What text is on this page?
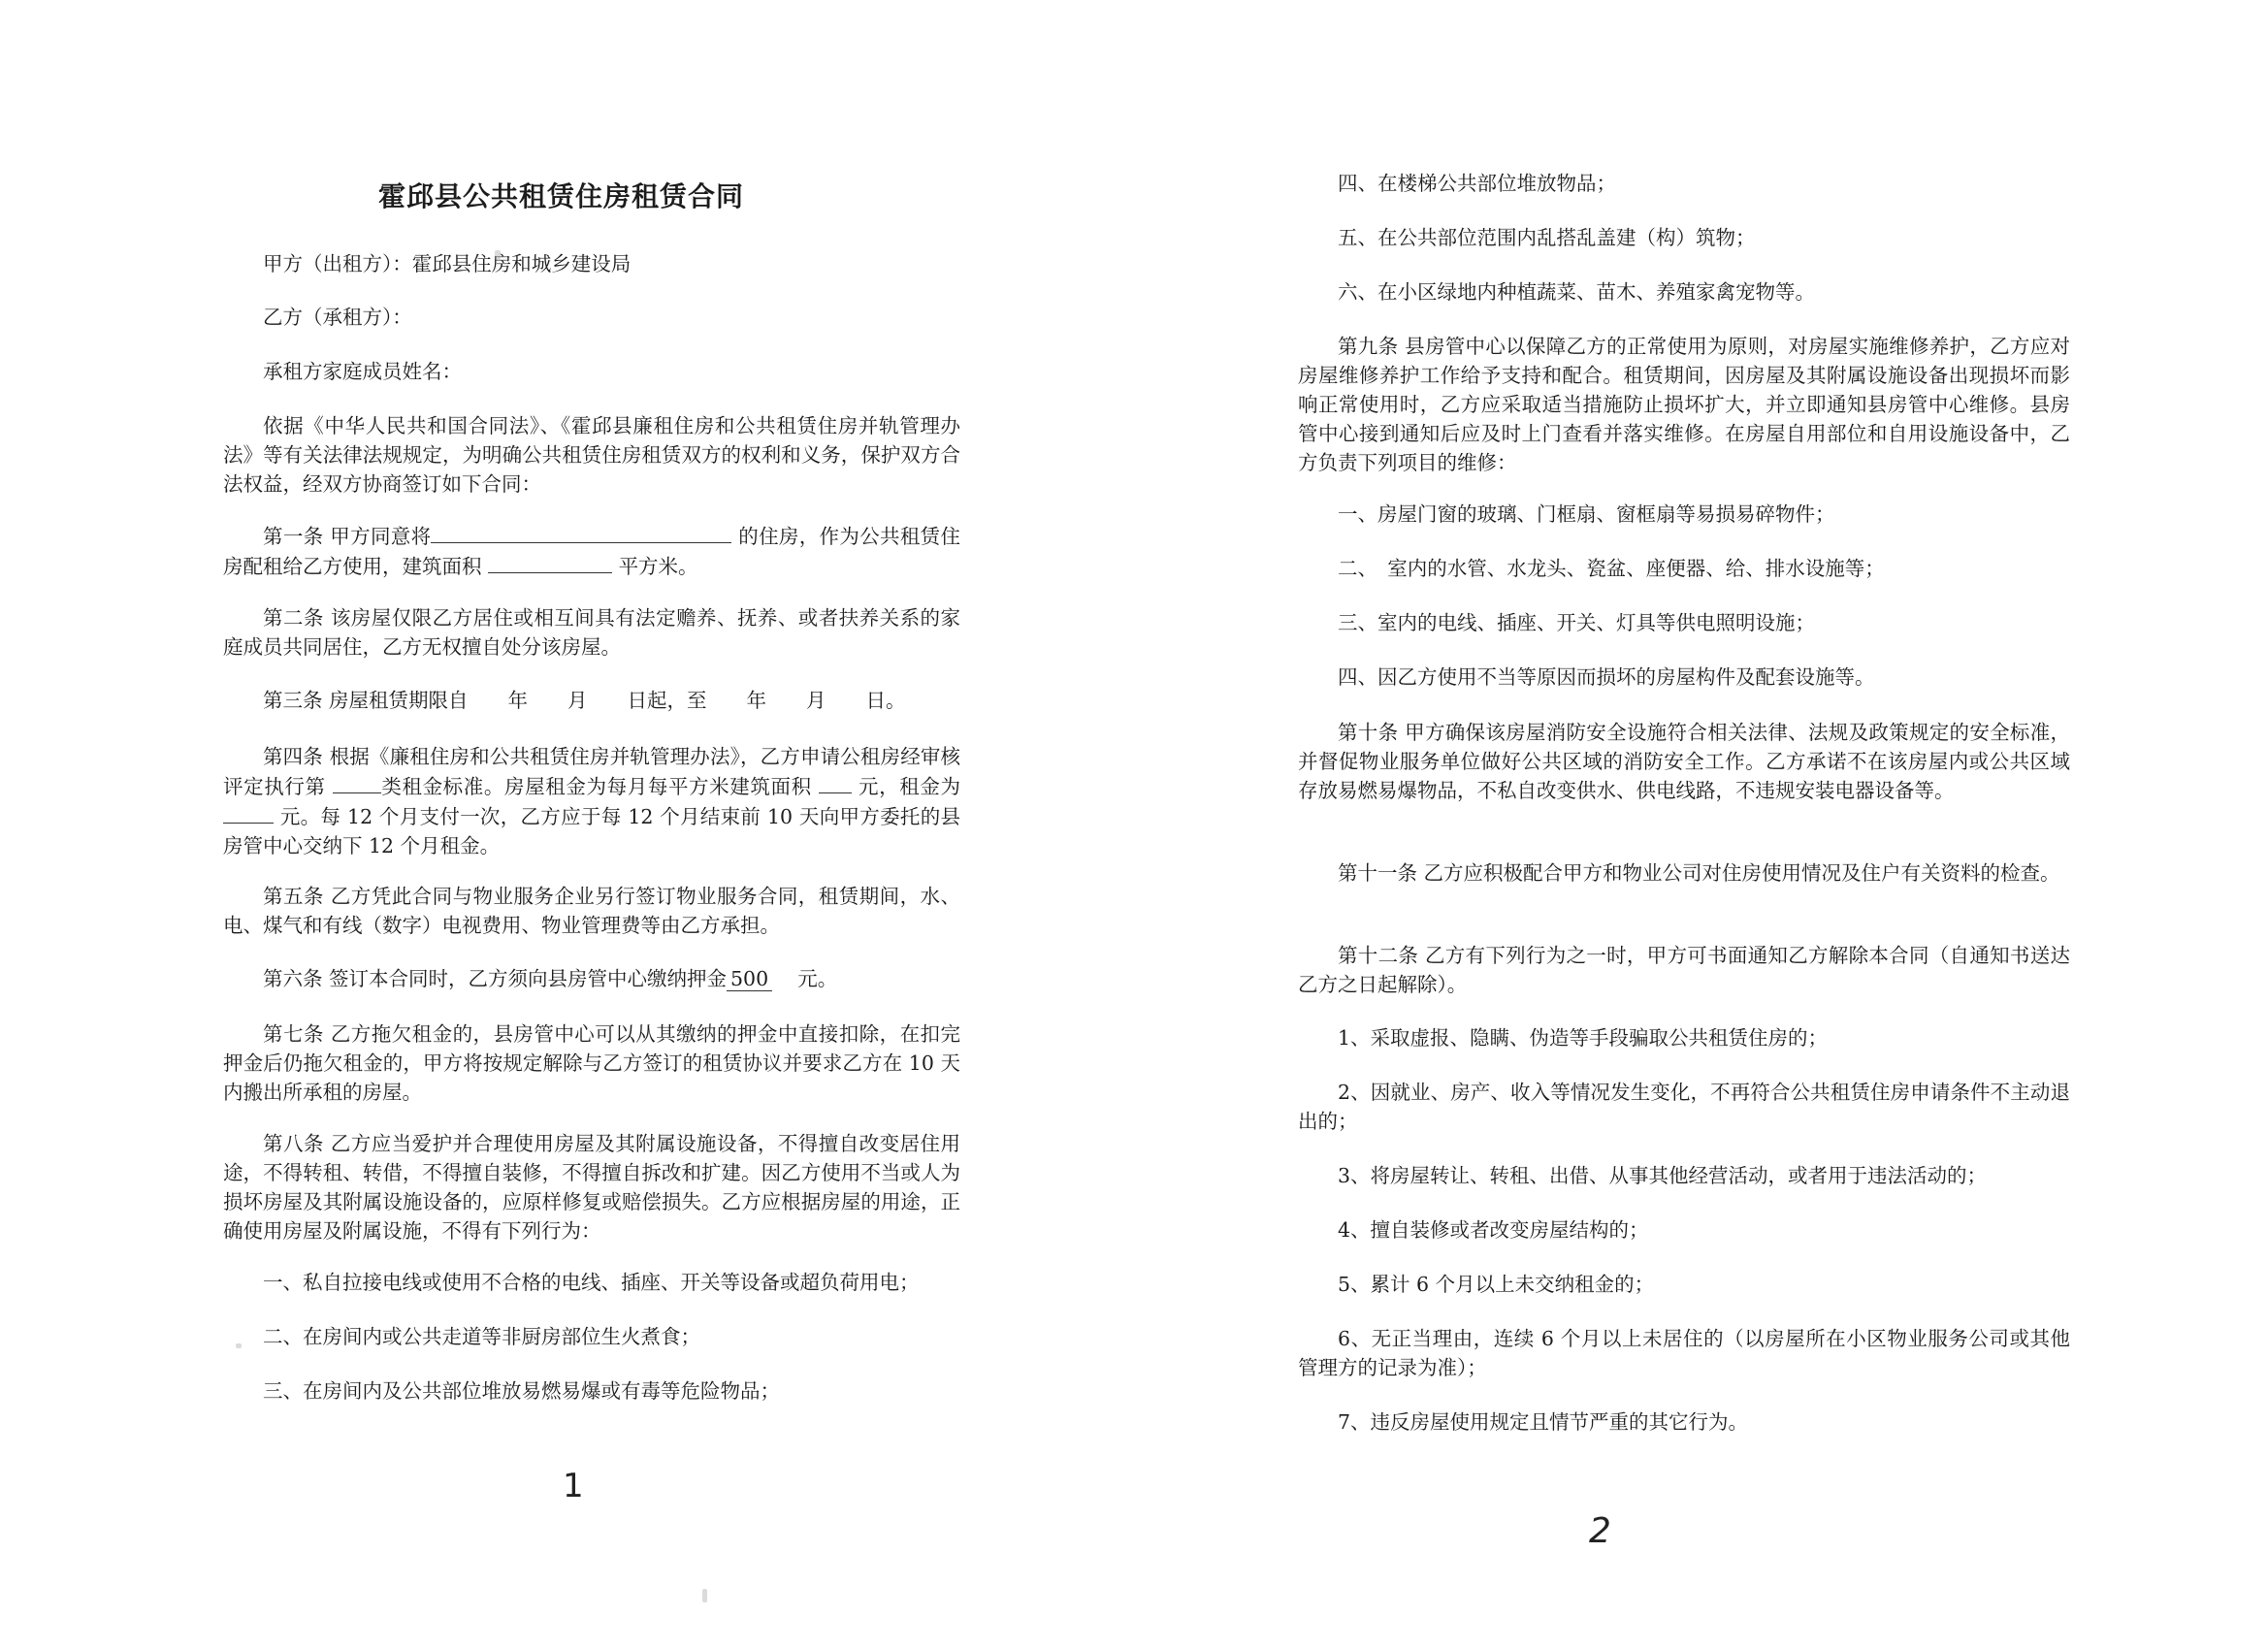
霍邱县公共租赁住房租赁合同

甲方（出租方）：霍邱县住房和城乡建设局

乙方（承租方）：

承租方家庭成员姓名：

依据《中华人民共和国合同法》、《霍邱县廉租住房和公共租赁住房并轨管理办法》等有关法律法规规定，为明确公共租赁住房租赁双方的权利和义务，保护双方合法权益，经双方协商签订如下合同：

第一条 甲方同意将	的住房，作为公共租赁住房配租给乙方使用，建筑面积	平方米。

第二条 该房屋仅限乙方居住或相互间具有法定赡养、抚养、或者扶养关系的家庭成员共同居住，乙方无权擅自处分该房屋。

第三条 房屋租赁期限自　　年　　月　　日起，至　　年　　月　　日。

第四条 根据《廉租住房和公共租赁住房并轨管理办法》，乙方申请公租房经审核评定执行第	类租金标准。房屋租金为每月每平方米建筑面积 元，租金为 元。每 12 个月支付一次，乙方应于每 12 个月结束前 10 天向甲方委托的县房管中心交纳下 12 个月租金。

第五条 乙方凭此合同与物业服务企业另行签订物业服务合同，租赁期间，水、电、煤气和有线（数字）电视费用、物业管理费等由乙方承担。

第六条 签订本合同时，乙方须向县房管中心缴纳押金 500 元。

第七条 乙方拖欠租金的，县房管中心可以从其缴纳的押金中直接扣除，在扣完押金后仍拖欠租金的，甲方将按规定解除与乙方签订的租赁协议并要求乙方在 10 天内搬出所承租的房屋。

第八条 乙方应当爱护并合理使用房屋及其附属设施设备，不得擅自改变居住用途，不得转租、转借，不得擅自装修，不得擅自拆改和扩建。因乙方使用不当或人为损坏房屋及其附属设施设备的，应原样修复或赔偿损失。乙方应根据房屋的用途，正确使用房屋及附属设施，不得有下列行为：

一、私自拉接电线或使用不合格的电线、插座、开关等设备或超负荷用电；

二、在房间内或公共走道等非厨房部位生火煮食；

三、在房间内及公共部位堆放易燃易爆或有毒等危险物品；

1

四、在楼梯公共部位堆放物品；

五、在公共部位范围内乱搭乱盖建（构）筑物；

六、在小区绿地内种植蔬菜、苗木、养殖家禽宠物等。

第九条 县房管中心以保障乙方的正常使用为原则，对房屋实施维修养护，乙方应对房屋维修养护工作给予支持和配合。租赁期间，因房屋及其附属设施设备出现损坏而影响正常使用时，乙方应采取适当措施防止损坏扩大，并立即通知县房管中心维修。县房管中心接到通知后应及时上门查看并落实维修。在房屋自用部位和自用设施设备中，乙方负责下列项目的维修：

一、房屋门窗的玻璃、门框扇、窗框扇等易损易碎物件；

二、　室内的水管、水龙头、瓷盆、座便器、给、排水设施等；

三、室内的电线、插座、开关、灯具等供电照明设施；

四、因乙方使用不当等原因而损坏的房屋构件及配套设施等。

第十条 甲方确保该房屋消防安全设施符合相关法律、法规及政策规定的安全标准，并督促物业服务单位做好公共区域的消防安全工作。乙方承诺不在该房屋内或公共区域存放易燃易爆物品，不私自改变供水、供电线路，不违规安装电器设备等。

第十一条 乙方应积极配合甲方和物业公司对住房使用情况及住户有关资料的检查。

第十二条 乙方有下列行为之一时，甲方可书面通知乙方解除本合同（自通知书送达乙方之日起解除）。

1、采取虚报、隐瞒、伪造等手段骗取公共租赁住房的；

2、因就业、房产、收入等情况发生变化，不再符合公共租赁住房申请条件不主动退出的；

3、将房屋转让、转租、出借、从事其他经营活动，或者用于违法活动的；

4、擅自装修或者改变房屋结构的；

5、累计 6 个月以上未交纳租金的；

6、无正当理由，连续 6 个月以上未居住的（以房屋所在小区物业服务公司或其他管理方的记录为准）；

7、违反房屋使用规定且情节严重的其它行为。

2
